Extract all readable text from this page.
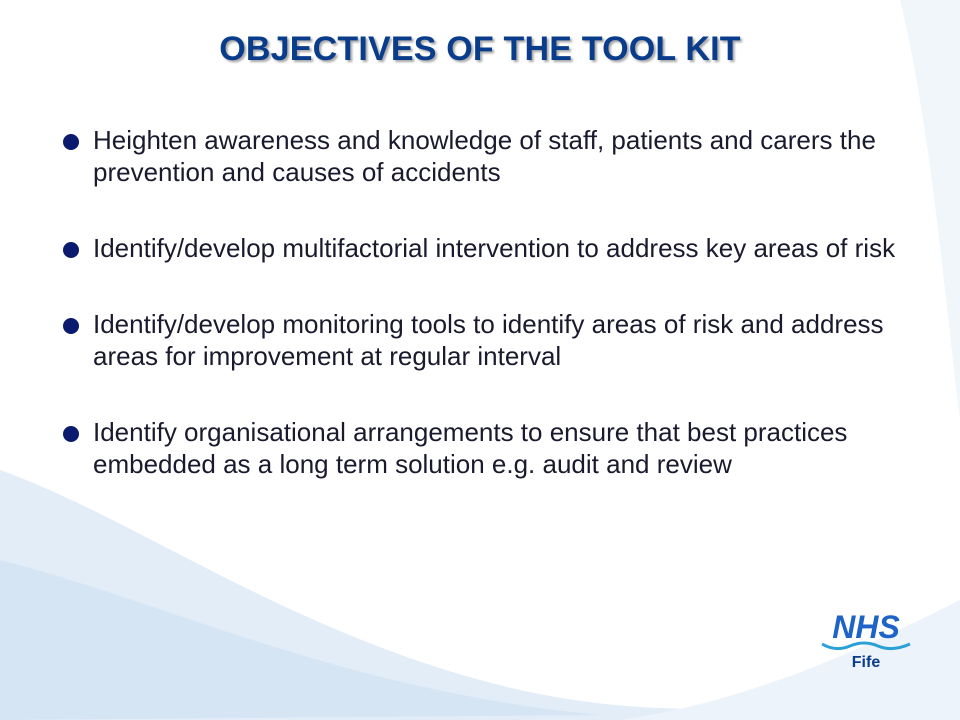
OBJECTIVES OF THE TOOL KIT
Heighten awareness and knowledge of staff, patients and carers the prevention and causes of accidents
Identify/develop multifactorial intervention to address key areas of risk
Identify/develop monitoring tools to identify areas of risk and address areas for improvement at regular interval
Identify organisational arrangements to ensure that best practices embedded as a long term solution e.g. audit and review
NHS
Fife
